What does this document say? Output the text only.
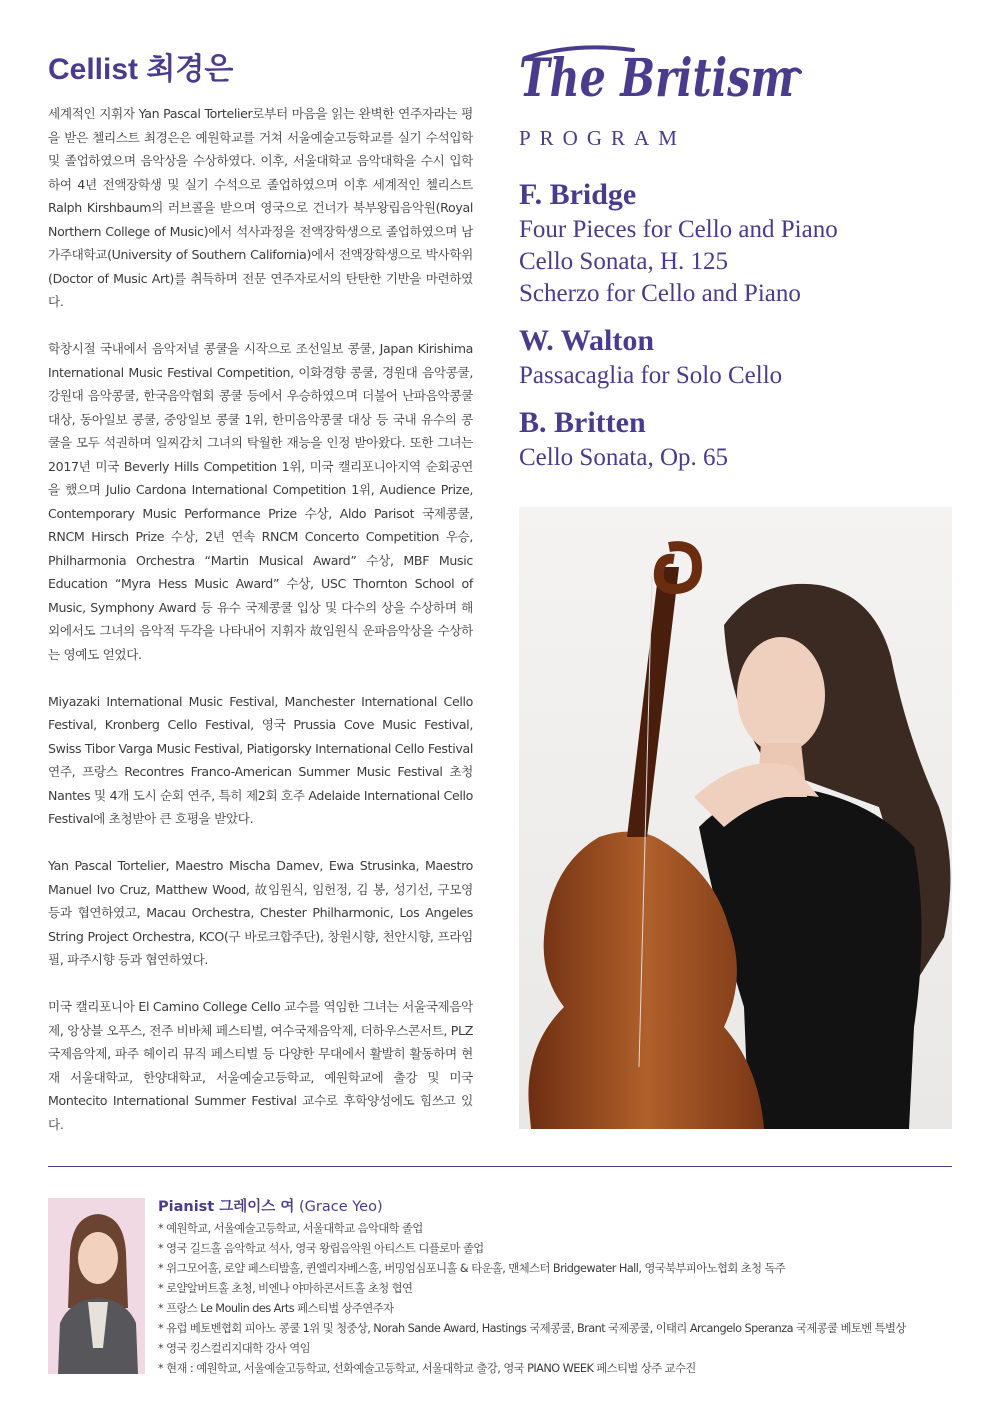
Cellist 최경은

세계적인 지휘자 Yan Pascal Tortelier로부터 마음을 읽는 완벽한 연주자라는 평을 받은 첼리스트 최경은은 예원학교를 거쳐 서울예술고등학교를 실기 수석입학 및 졸업하였으며 음악상을 수상하였다. 이후, 서울대학교 음악대학을 수시 입학하여 4년 전액장학생 및 실기 수석으로 졸업하였으며 이후 세계적인 첼리스트 Ralph Kirshbaum의 러브콜을 받으며 영국으로 건너가 북부왕립음악원(Royal Northern College of Music)에서 석사과정을 전액장학생으로 졸업하였으며 남가주대학교(University of Southern California)에서 전액장학생으로 박사학위(Doctor of Music Art)를 취득하며 전문 연주자로서의 탄탄한 기반을 마련하였다.

학창시절 국내에서 음악저널 콩쿨을 시작으로 조선일보 콩쿨, Japan Kirishima International Music Festival Competition, 이화경향 콩쿨, 경원대 음악콩쿨, 강원대 음악콩쿨, 한국음악협회 콩쿨 등에서 우승하였으며 더불어 난파음악콩쿨 대상, 동아일보 콩쿨, 중앙일보 콩쿨 1위, 한미음악콩쿨 대상 등 국내 유수의 콩쿨을 모두 석권하며 일찌감치 그녀의 탁월한 재능을 인정 받아왔다. 또한 그녀는 2017년 미국 Beverly Hills Competition 1위, 미국 캘리포니아지역 순회공연을 했으며 Julio Cardona International Competition 1위, Audience Prize, Contemporary Music Performance Prize 수상, Aldo Parisot 국제콩쿨, RNCM Hirsch Prize 수상, 2년 연속 RNCM Concerto Competition 우승, Philharmonia Orchestra “Martin Musical Award” 수상, MBF Music Education “Myra Hess Music Award” 수상, USC Thornton School of Music, Symphony Award 등 유수 국제콩쿨 입상 및 다수의 상을 수상하며 해외에서도 그녀의 음악적 두각을 나타내어 지휘자 故임원식 운파음악상을 수상하는 영예도 얻었다.

Miyazaki International Music Festival, Manchester International Cello Festival, Kronberg Cello Festival, 영국 Prussia Cove Music Festival, Swiss Tibor Varga Music Festival, Piatigorsky International Cello Festival 연주, 프랑스 Recontres Franco-American Summer Music Festival 초청 Nantes 및 4개 도시 순회 연주, 특히 제2회 호주 Adelaide International Cello Festival에 초청받아 큰 호평을 받았다.

Yan Pascal Tortelier, Maestro Mischa Damev, Ewa Strusinka, Maestro Manuel Ivo Cruz, Matthew Wood, 故임원식, 임헌정, 김 봉, 성기선, 구모영 등과 협연하였고, Macau Orchestra, Chester Philharmonic, Los Angeles String Project Orchestra, KCO(구 바로크합주단), 창원시향, 천안시향, 프라임필, 파주시향 등과 협연하였다.

미국 캘리포니아 El Camino College Cello 교수를 역임한 그녀는 서울국제음악제, 앙상블 오푸스, 전주 비바체 페스티벌, 여수국제음악제, 더하우스콘서트, PLZ국제음악제, 파주 헤이리 뮤직 페스티벌 등 다양한 무대에서 활발히 활동하며 현재 서울대학교, 한양대학교, 서울예술고등학교, 예원학교에 출강 및 미국 Montecito International Summer Festival 교수로 후학양성에도 힘쓰고 있다.

The Britism
PROGRAM
F. Bridge
Four Pieces for Cello and Piano
Cello Sonata, H. 125
Scherzo for Cello and Piano
W. Walton
Passacaglia for Solo Cello
B. Britten
Cello Sonata, Op. 65
Pianist 그레이스 여 (Grace Yeo)
* 예원학교, 서울예술고등학교, 서울대학교 음악대학 졸업
* 영국 길드홀 음악학교 석사, 영국 왕립음악원 아티스트 디플로마 졸업
* 위그모어홀, 로얄 페스티발홀, 퀸엘리자베스홀, 버밍엄심포니홀 & 타운홀, 맨체스터 Bridgewater Hall, 영국북부피아노협회 초청 독주
* 로얄알버트홀 초청, 비엔나 야마하콘서트홀 초청 협연
* 프랑스 Le Moulin des Arts 페스티벌 상주연주자
* 유럽 베토벤협회 피아노 콩쿨 1위 및 청중상, Norah Sande Award, Hastings 국제콩쿨, Brant 국제콩쿨, 이태리 Arcangelo Speranza 국제콩쿨 베토벤 특별상
* 영국 킹스컬리지대학 강사 역임
* 현재 : 예원학교, 서울예술고등학교, 선화예술고등학교, 서울대학교 출강, 영국 PIANO WEEK 페스티벌 상주 교수진
